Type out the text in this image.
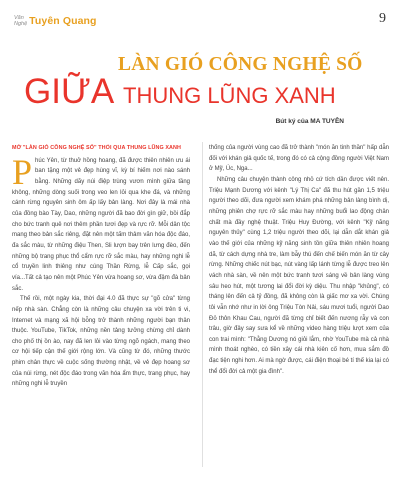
Văn
Nghệ Tuyên Quang	9
LÀN GIÓ CÔNG NGHỆ SỐ
GIỮA THUNG LŨNG XANH
Bút ký của MA TUYÊN

MỞ "LÀN GIÓ CÔNG NGHỆ SỐ" THỔI QUA THUNG LŨNG XANH

Phúc Yên, từ thuở hồng hoang, đã được thiên nhiên ưu ái ban tặng một vẻ đẹp hùng vĩ, kỳ bí hiếm nơi nào sánh bằng. Những dãy núi điệp trùng vươn mình giữa tầng không, những dòng suối trong veo len lỏi qua khe đá, và những cánh rừng nguyên sinh ôm ấp lấy bản làng. Nơi đây là mái nhà của đồng bào Tày, Dao, những người đã bao đời gìn giữ, bồi đắp cho bức tranh quê nơi thêm phần tươi đẹp và rực rỡ. Mỗi dân tộc mang theo bản sắc riêng, đặt nên một tấm thảm văn hóa độc đáo, đa sắc màu, từ những điệu Then, Sli lượn bay trên lưng đèo, đến những bộ trang phục thổ cẩm rực rỡ sắc màu, hay những nghi lễ cổ truyền linh thiêng như cúng Thần Rừng, lễ Cấp sắc, gọi vía...Tất cả tạo nên một Phúc Yên vừa hoang sơ, vừa đậm đà bản sắc.

Thế rồi, một ngày kia, thời đại 4.0 đã thực sự "gõ cửa" từng nếp nhà sàn. Chẳng còn là những câu chuyện xa vời trên ti vi, Internet và mạng xã hội bỗng trở thành những người bạn thân thuộc. YouTube, TikTok, những nền tảng tưởng chừng chỉ dành cho phố thị ồn ào, nay đã len lỏi vào từng ngõ ngách, mang theo cơ hội tiếp cận thế giới rộng lớn. Và cũng từ đó, những thước phim chân thực về cuộc sống thường nhật, về vẻ đẹp hoang sơ của núi rừng, nét độc đáo trong văn hóa ẩm thực, trang phục, hay những nghi lễ truyền

thống của người vùng cao đã trở thành "món ăn tinh thần" hấp dẫn đối với khán giả quốc tế, trong đó có cả cộng đồng người Việt Nam ở Mỹ, Úc, Nga...

Những câu chuyện thành công nhỏ cứ tích dần được viết nên. Triệu Mạnh Dương với kênh "Lý Thị Ca" đã thu hút gần 1,5 triệu người theo dõi, đưa người xem khám phá những bản làng bình dị, những phiên chợ rực rỡ sắc màu hay những buổi lao động chân chất mà đầy nghệ thuật. Triệu Huy Đường, với kênh "Kỹ năng nguyên thủy" cùng 1,2 triệu người theo dõi, lại dẫn dắt khán giả vào thế giới của những kỹ năng sinh tồn giữa thiên nhiên hoang dã, từ cách dựng nhà tre, làm bẫy thú đến chế biến món ăn từ cây rừng. Những chiếc nút bạc, nút vàng lấp lánh từng lễ được treo lên vách nhà sàn, về nên một bức tranh tươi sáng về bản làng vùng sâu heo hút, một tương lai đổi đời kỳ diệu. Thu nhập "khủng", có tháng lên đến cả tỷ đồng, đã không còn là giấc mơ xa vời. Chúng tôi vẫn nhớ như in lời ông Triệu Tòn Nải, sáu mươi tuổi, người Dao Đỏ thôn Khau Cau, người đã từng chỉ biết đến nương rẫy và con trâu, giờ đây say sưa kể về những video hàng triệu lượt xem của con trai mình: "Thằng Dương nó giỏi lắm, nhờ YouTube mà cả nhà mình thoát nghèo, có tiền xây cái nhà kiên cố hơn, mua sắm đồ đạc tiện nghi hơn. Ai mà ngờ được, cái điện thoại bé tí thế kia lại có thể đổi đời cả một gia đình".
